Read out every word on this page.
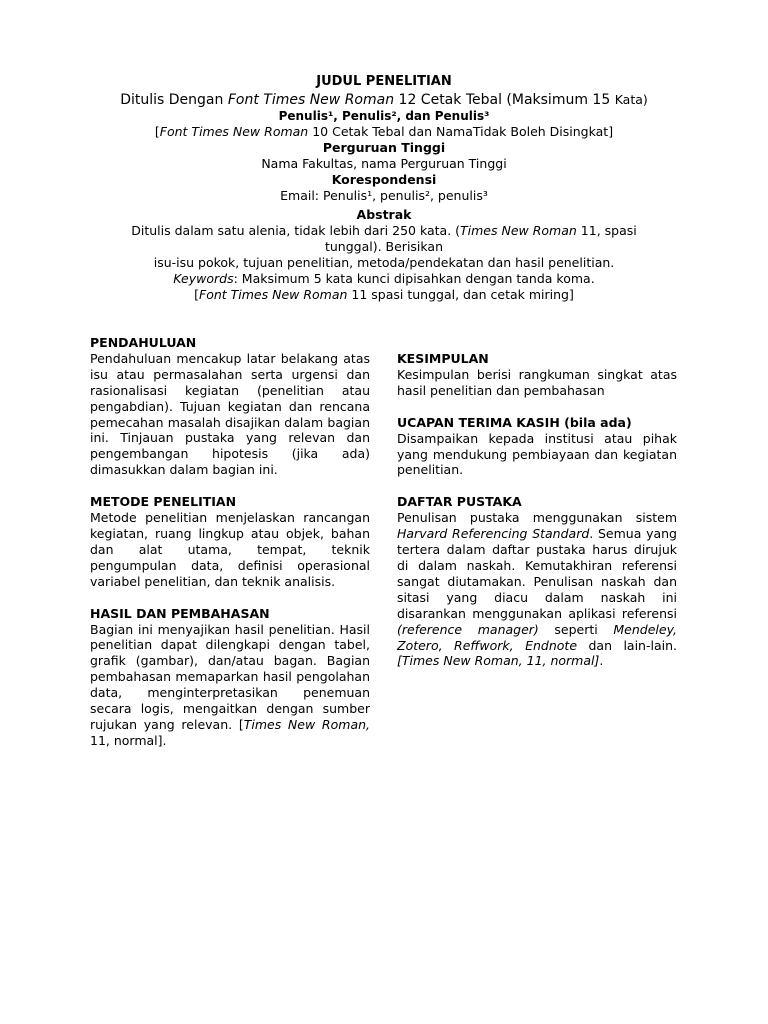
JUDUL PENELITIAN

Ditulis Dengan Font Times New Roman 12 Cetak Tebal (Maksimum 15 Kata)

Penulis¹, Penulis², dan Penulis³

[Font Times New Roman 10 Cetak Tebal dan NamaTidak Boleh Disingkat]

Perguruan Tinggi

Nama Fakultas, nama Perguruan Tinggi

Korespondensi

Email: Penulis¹, penulis², penulis³

Abstrak

Ditulis dalam satu alenia, tidak lebih dari 250 kata. (Times New Roman 11, spasi

tunggal). Berisikan

isu-isu pokok, tujuan penelitian, metoda/pendekatan dan hasil penelitian.

Keywords: Maksimum 5 kata kunci dipisahkan dengan tanda koma.

[Font Times New Roman 11 spasi tunggal, dan cetak miring]

PENDAHULUAN

Pendahuluan mencakup latar belakang atas isu atau permasalahan serta urgensi dan rasionalisasi kegiatan (penelitian atau pengabdian). Tujuan kegiatan dan rencana pemecahan masalah disajikan dalam bagian ini. Tinjauan pustaka yang relevan dan pengembangan hipotesis (jika ada) dimasukkan dalam bagian ini.

METODE PENELITIAN

Metode penelitian menjelaskan rancangan kegiatan, ruang lingkup atau objek, bahan dan alat utama, tempat, teknik pengumpulan data, definisi operasional variabel penelitian, dan teknik analisis.

HASIL DAN PEMBAHASAN

Bagian ini menyajikan hasil penelitian. Hasil penelitian dapat dilengkapi dengan tabel, grafik (gambar), dan/atau bagan. Bagian pembahasan memaparkan hasil pengolahan data, menginterpretasikan penemuan secara logis, mengaitkan dengan sumber rujukan yang relevan. [Times New Roman, 11, normal].

KESIMPULAN

Kesimpulan berisi rangkuman singkat atas hasil penelitian dan pembahasan

UCAPAN TERIMA KASIH (bila ada)

Disampaikan kepada institusi atau pihak yang mendukung pembiayaan dan kegiatan penelitian.

DAFTAR PUSTAKA

Penulisan pustaka menggunakan sistem Harvard Referencing Standard. Semua yang tertera dalam daftar pustaka harus dirujuk di dalam naskah. Kemutakhiran referensi sangat diutamakan. Penulisan naskah dan sitasi yang diacu dalam naskah ini disarankan menggunakan aplikasi referensi (reference manager) seperti Mendeley, Zotero, Reffwork, Endnote dan lain-lain. [Times New Roman, 11, normal].
